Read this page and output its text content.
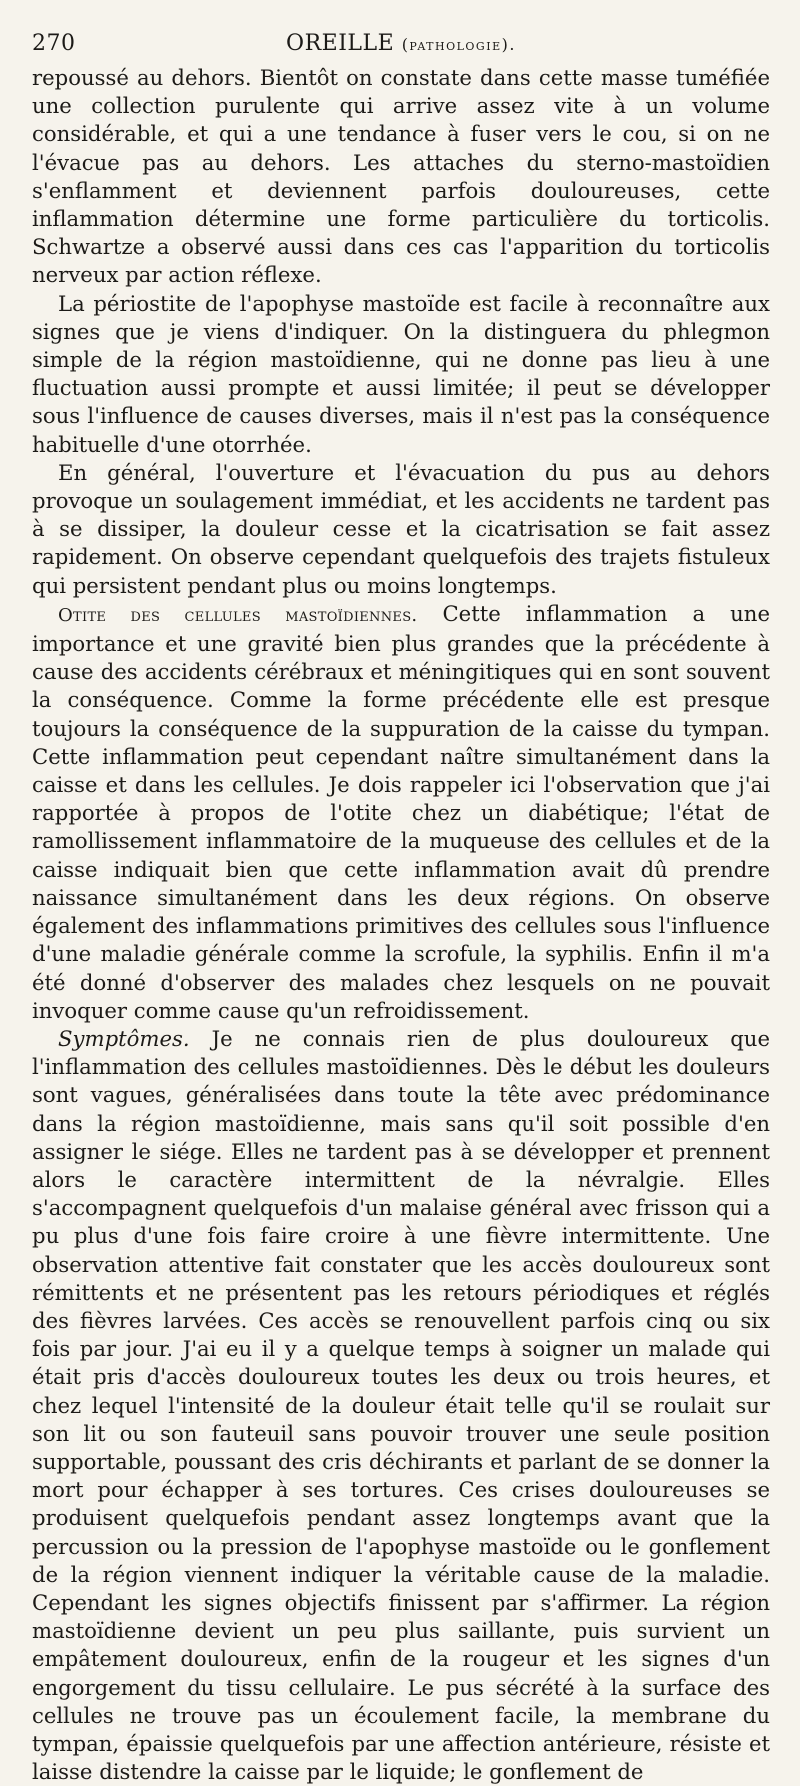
270	OREILLE (pathologie).

repoussé au dehors. Bientôt on constate dans cette masse tuméfiée une collection purulente qui arrive assez vite à un volume considérable, et qui a une tendance à fuser vers le cou, si on ne l'évacue pas au dehors. Les attaches du sterno-mastoïdien s'enflamment et deviennent parfois douloureuses, cette inflammation détermine une forme particulière du torticolis. Schwartze a observé aussi dans ces cas l'apparition du torticolis nerveux par action réflexe.

La périostite de l'apophyse mastoïde est facile à reconnaître aux signes que je viens d'indiquer. On la distinguera du phlegmon simple de la région mastoïdienne, qui ne donne pas lieu à une fluctuation aussi prompte et aussi limitée; il peut se développer sous l'influence de causes diverses, mais il n'est pas la conséquence habituelle d'une otorrhée.

En général, l'ouverture et l'évacuation du pus au dehors provoque un soulagement immédiat, et les accidents ne tardent pas à se dissiper, la douleur cesse et la cicatrisation se fait assez rapidement. On observe cependant quelquefois des trajets fistuleux qui persistent pendant plus ou moins longtemps.

Otite des cellules mastoïdiennes. Cette inflammation a une importance et une gravité bien plus grandes que la précédente à cause des accidents cérébraux et méningitiques qui en sont souvent la conséquence. Comme la forme précédente elle est presque toujours la conséquence de la suppuration de la caisse du tympan. Cette inflammation peut cependant naître simultanément dans la caisse et dans les cellules. Je dois rappeler ici l'observation que j'ai rapportée à propos de l'otite chez un diabétique; l'état de ramollissement inflammatoire de la muqueuse des cellules et de la caisse indiquait bien que cette inflammation avait dû prendre naissance simultanément dans les deux régions. On observe également des inflammations primitives des cellules sous l'influence d'une maladie générale comme la scrofule, la syphilis. Enfin il m'a été donné d'observer des malades chez lesquels on ne pouvait invoquer comme cause qu'un refroidissement.

Symptômes. Je ne connais rien de plus douloureux que l'inflammation des cellules mastoïdiennes. Dès le début les douleurs sont vagues, généralisées dans toute la tête avec prédominance dans la région mastoïdienne, mais sans qu'il soit possible d'en assigner le siége. Elles ne tardent pas à se développer et prennent alors le caractère intermittent de la névralgie. Elles s'accompagnent quelquefois d'un malaise général avec frisson qui a pu plus d'une fois faire croire à une fièvre intermittente. Une observation attentive fait constater que les accès douloureux sont rémittents et ne présentent pas les retours périodiques et réglés des fièvres larvées. Ces accès se renouvellent parfois cinq ou six fois par jour. J'ai eu il y a quelque temps à soigner un malade qui était pris d'accès douloureux toutes les deux ou trois heures, et chez lequel l'intensité de la douleur était telle qu'il se roulait sur son lit ou son fauteuil sans pouvoir trouver une seule position supportable, poussant des cris déchirants et parlant de se donner la mort pour échapper à ses tortures. Ces crises douloureuses se produisent quelquefois pendant assez longtemps avant que la percussion ou la pression de l'apophyse mastoïde ou le gonflement de la région viennent indiquer la véritable cause de la maladie. Cependant les signes objectifs finissent par s'affirmer. La région mastoïdienne devient un peu plus saillante, puis survient un empâtement douloureux, enfin de la rougeur et les signes d'un engorgement du tissu cellulaire. Le pus sécrété à la surface des cellules ne trouve pas un écoulement facile, la membrane du tympan, épaissie quelquefois par une affection antérieure, résiste et laisse distendre la caisse par le liquide; le gonflement de
